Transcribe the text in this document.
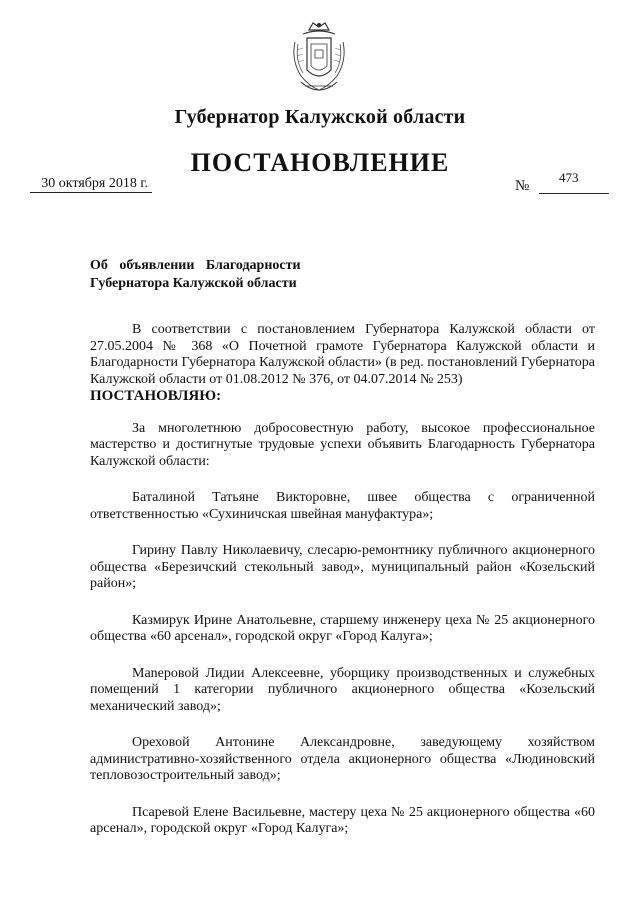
Губернатор Калужской области
ПОСТАНОВЛЕНИЕ
30 октября 2018 г.	№
473
Об объявлении Благодарности
Губернатора Калужской области

В соответствии с постановлением Губернатора Калужской области от 27.05.2004 № 368 «О Почетной грамоте Губернатора Калужской области и Благодарности Губернатора Калужской области» (в ред. постановлений Губернатора Калужской области от 01.08.2012 № 376, от 04.07.2014 № 253)

ПОСТАНОВЛЯЮ:

За многолетнюю добросовестную работу, высокое профессиональное мастерство и достигнутые трудовые успехи объявить Благодарность Губернатора Калужской области:

Баталиной Татьяне Викторовне, швее общества с ограниченной ответственностью «Сухиничская швейная мануфактура»;

Гирину Павлу Николаевичу, слесарю-ремонтнику публичного акционерного общества «Березичский стекольный завод», муниципальный район «Козельский район»;

Казмирук Ирине Анатольевне, старшему инженеру цеха № 25 акционерного общества «60 арсенал», городской округ «Город Калуга»;

Маneровой Лидии Алексеевне, уборщику производственных и служебных помещений 1 категории публичного акционерного общества «Козельский механический завод»;

Ореховой Антонине Александровне, заведующему хозяйством административно-хозяйственного отдела акционерного общества «Людиновский тепловозостроительный завод»;

Псаревой Елене Васильевне, мастеру цеха № 25 акционерного общества «60 арсенал», городской округ «Город Калуга»;
